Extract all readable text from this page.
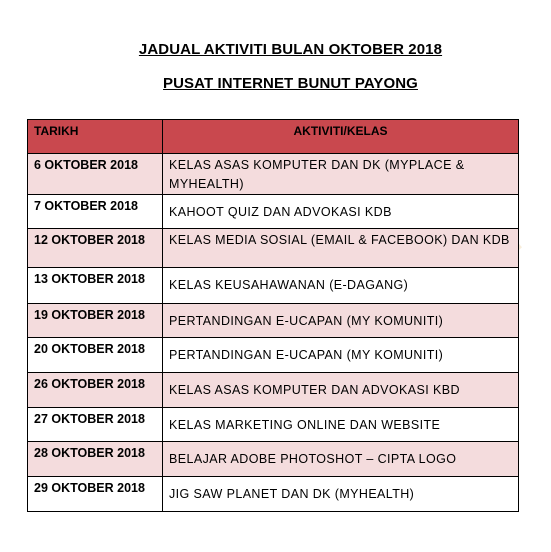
JADUAL AKTIVITI BULAN OKTOBER 2018
PUSAT INTERNET BUNUT PAYONG
TARIKH	AKTIVITI/KELAS
6 OKTOBER 2018	KELAS ASAS KOMPUTER DAN DK (MYPLACE & MYHEALTH)
7 OKTOBER 2018	KAHOOT QUIZ DAN ADVOKASI KDB
12 OKTOBER 2018	KELAS MEDIA SOSIAL (EMAIL & FACEBOOK) DAN KDB
13 OKTOBER 2018	KELAS KEUSAHAWANAN (E-DAGANG)
19 OKTOBER 2018	PERTANDINGAN E-UCAPAN (MY KOMUNITI)
20 OKTOBER 2018	PERTANDINGAN E-UCAPAN (MY KOMUNITI)
26 OKTOBER 2018	KELAS ASAS KOMPUTER DAN ADVOKASI KBD
27 OKTOBER 2018	KELAS MARKETING ONLINE DAN WEBSITE
28 OKTOBER 2018	BELAJAR ADOBE PHOTOSHOT – CIPTA LOGO
29 OKTOBER 2018	JIG SAW PLANET DAN DK (MYHEALTH)
